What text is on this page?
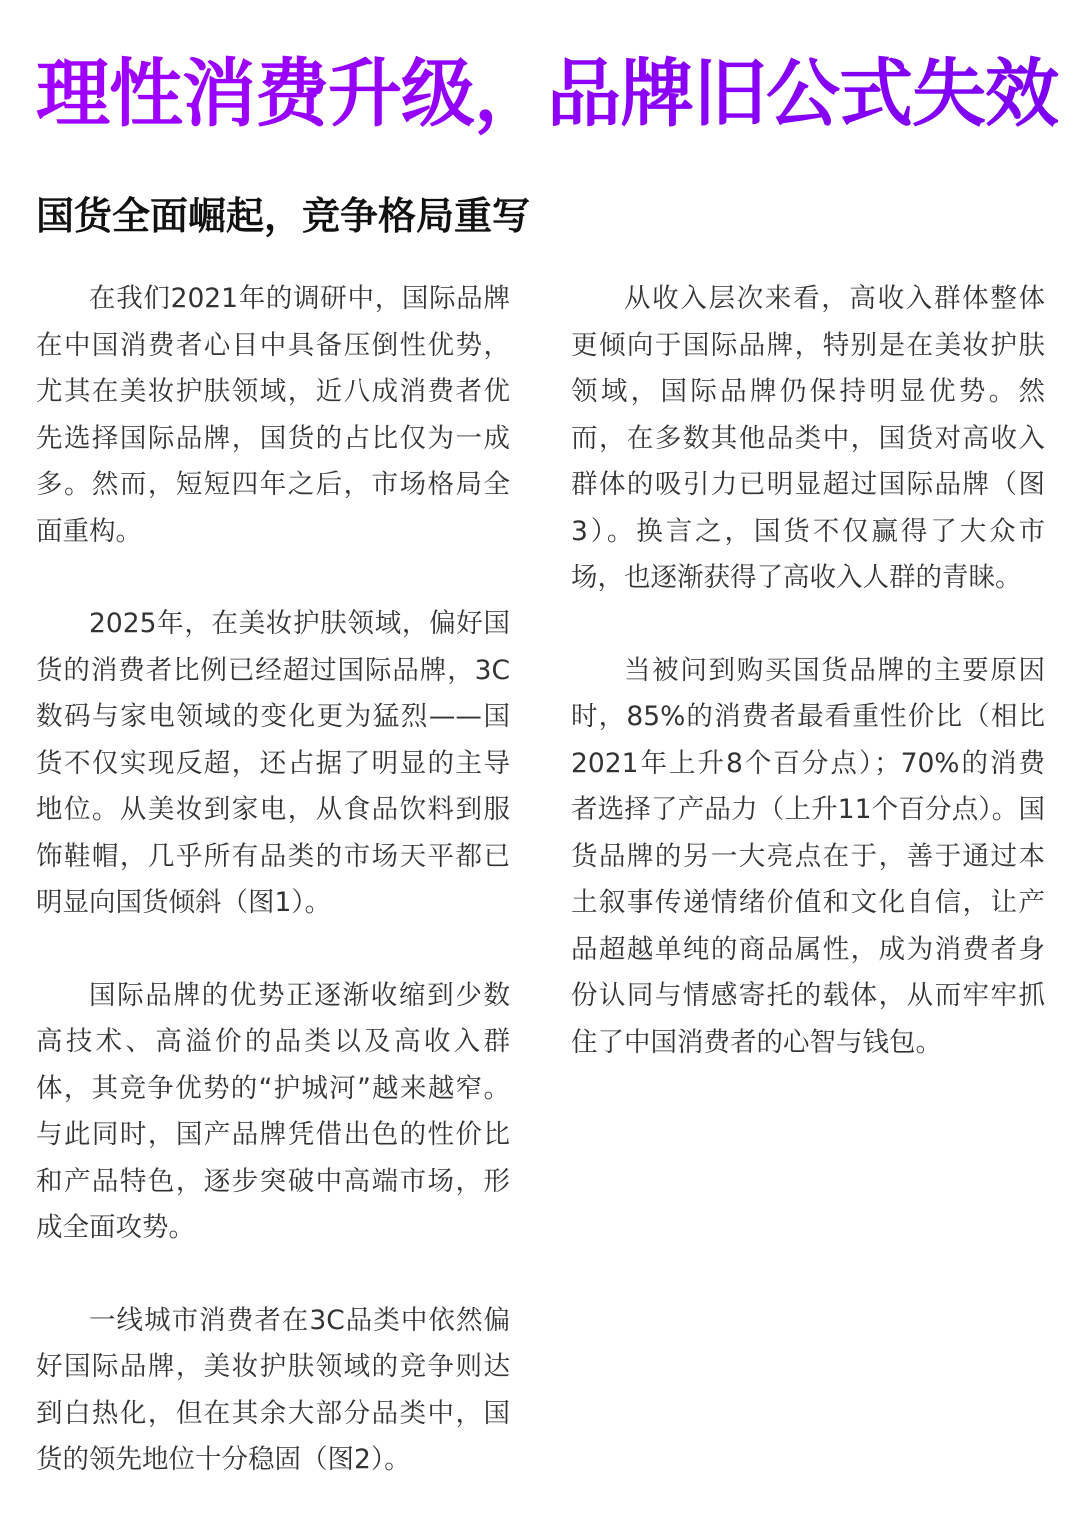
理性消费升级，品牌旧公式失效
国货全面崛起，竞争格局重写

在我们2021年的调研中，国际品牌在中国消费者心目中具备压倒性优势，尤其在美妆护肤领域，近八成消费者优先选择国际品牌，国货的占比仅为一成多。然而，短短四年之后，市场格局全面重构。

2025年，在美妆护肤领域，偏好国货的消费者比例已经超过国际品牌，3C数码与家电领域的变化更为猛烈——国货不仅实现反超，还占据了明显的主导地位。从美妆到家电，从食品饮料到服饰鞋帽，几乎所有品类的市场天平都已明显向国货倾斜（图1）。

国际品牌的优势正逐渐收缩到少数高技术、高溢价的品类以及高收入群体，其竞争优势的“护城河”越来越窄。与此同时，国产品牌凭借出色的性价比和产品特色，逐步突破中高端市场，形成全面攻势。

一线城市消费者在3C品类中依然偏好国际品牌，美妆护肤领域的竞争则达到白热化，但在其余大部分品类中，国货的领先地位十分稳固（图2）。

从收入层次来看，高收入群体整体更倾向于国际品牌，特别是在美妆护肤领域，国际品牌仍保持明显优势。然而，在多数其他品类中，国货对高收入群体的吸引力已明显超过国际品牌（图3）。换言之，国货不仅赢得了大众市场，也逐渐获得了高收入人群的青睐。

当被问到购买国货品牌的主要原因时，85%的消费者最看重性价比（相比2021年上升8个百分点）；70%的消费者选择了产品力（上升11个百分点）。国货品牌的另一大亮点在于，善于通过本土叙事传递情绪价值和文化自信，让产品超越单纯的商品属性，成为消费者身份认同与情感寄托的载体，从而牢牢抓住了中国消费者的心智与钱包。
